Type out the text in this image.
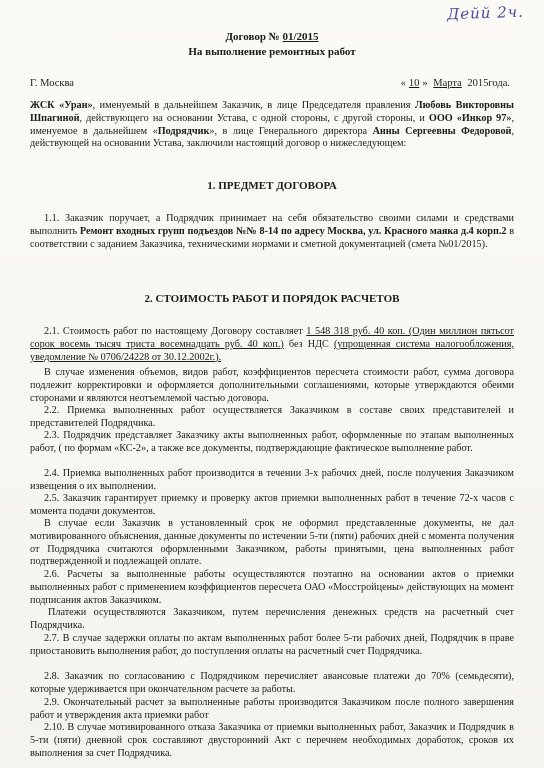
Дейй 2ч.
Договор № 01/2015
На выполнение ремонтных работ
Г. Москва	« 10 » Марта 2015года.
ЖСК «Уран», именуемый в дальнейшем Заказчик, в лице Председателя правления Любовь Викторовны Шпагиной, действующего на основании Устава, с одной стороны, с другой стороны, и ООО «Инкор 97», именуемое в дальнейшем «Подрядчик», в лице Генерального директора Анны Сергеевны Федоровой, действующей на основании Устава, заключили настоящий договор о нижеследующем:
1. ПРЕДМЕТ ДОГОВОРА
1.1. Заказчик поручает, а Подрядчик принимает на себя обязательство своими силами и средствами выполнить Ремонт входных групп подъездов №№ 8-14 по адресу Москва, ул. Красного маяка д.4 корп.2 в соответствии с заданием Заказчика, техническими нормами и сметной документацией (смета №01/2015).
2. СТОИМОСТЬ РАБОТ И ПОРЯДОК РАСЧЕТОВ
2.1. Стоимость работ по настоящему Договору составляет 1 548 318 руб. 40 коп. (Один миллион пятьсот сорок восемь тысяч триста восемнадцать руб. 40 коп.) без НДС (упрощенная система налогообложения, уведомление № 0706/24228 от 30.12.2002г.).
В случае изменения объемов, видов работ, коэффициентов пересчета стоимости работ, сумма договора подлежит корректировки и оформляется дополнительными соглашениями, которые утверждаются обеими сторонами и являются неотъемлемой частью договора.
2.2. Приемка выполненных работ осуществляется Заказчиком в составе своих представителей и представителей Подрядчика.
2.3. Подрядчик представляет Заказчику акты выполненных работ, оформленные по этапам выполненных работ, ( по формам «КС-2», а также все документы, подтверждающие фактическое выполнение работ.
2.4. Приемка выполненных работ производится в течении 3-х рабочих дней, после получения Заказчиком извещения о их выполнении.
2.5. Заказчик гарантирует приемку и проверку актов приемки выполненных работ в течение 72-х часов с момента подачи документов.
В случае если Заказчик в установленный срок не оформил представленные документы, не дал мотивированного объяснения, данные документы по истечении 5-ти (пяти) рабочих дней с момента получения от Подрядчика считаются оформленными Заказчиком, работы принятыми, цена выполненных работ подтвержденной и подлежащей оплате.
2.6. Расчеты за выполненные работы осуществляются поэтапно на основании актов о приемки выполненных работ с применением коэффициентов пересчета ОАО «Мосстройцены» действующих на момент подписания актов Заказчиком.
Платежи осуществляются Заказчиком, путем перечисления денежных средств на расчетный счет Подрядчика.
2.7. В случае задержки оплаты по актам выполненных работ более 5-ти рабочих дней, Подрядчик в праве приостановить выполнения работ, до поступления оплаты на расчетный счет Подрядчика.
2.8. Заказчик по согласованию с Подрядчиком перечисляет авансовые платежи до 70% (семьдесяти), которые удерживается при окончательном расчете за работы.
2.9. Окончательный расчет за выполненные работы производится Заказчиком после полного завершения работ и утверждения акта приемки работ
2.10. В случае мотивированного отказа Заказчика от приемки выполненных работ, Заказчик и Подрядчик в 5-ти (пяти) дневной срок составляют двусторонний Акт с перечнем необходимых доработок, сроков их выполнения за счет Подрядчика.
